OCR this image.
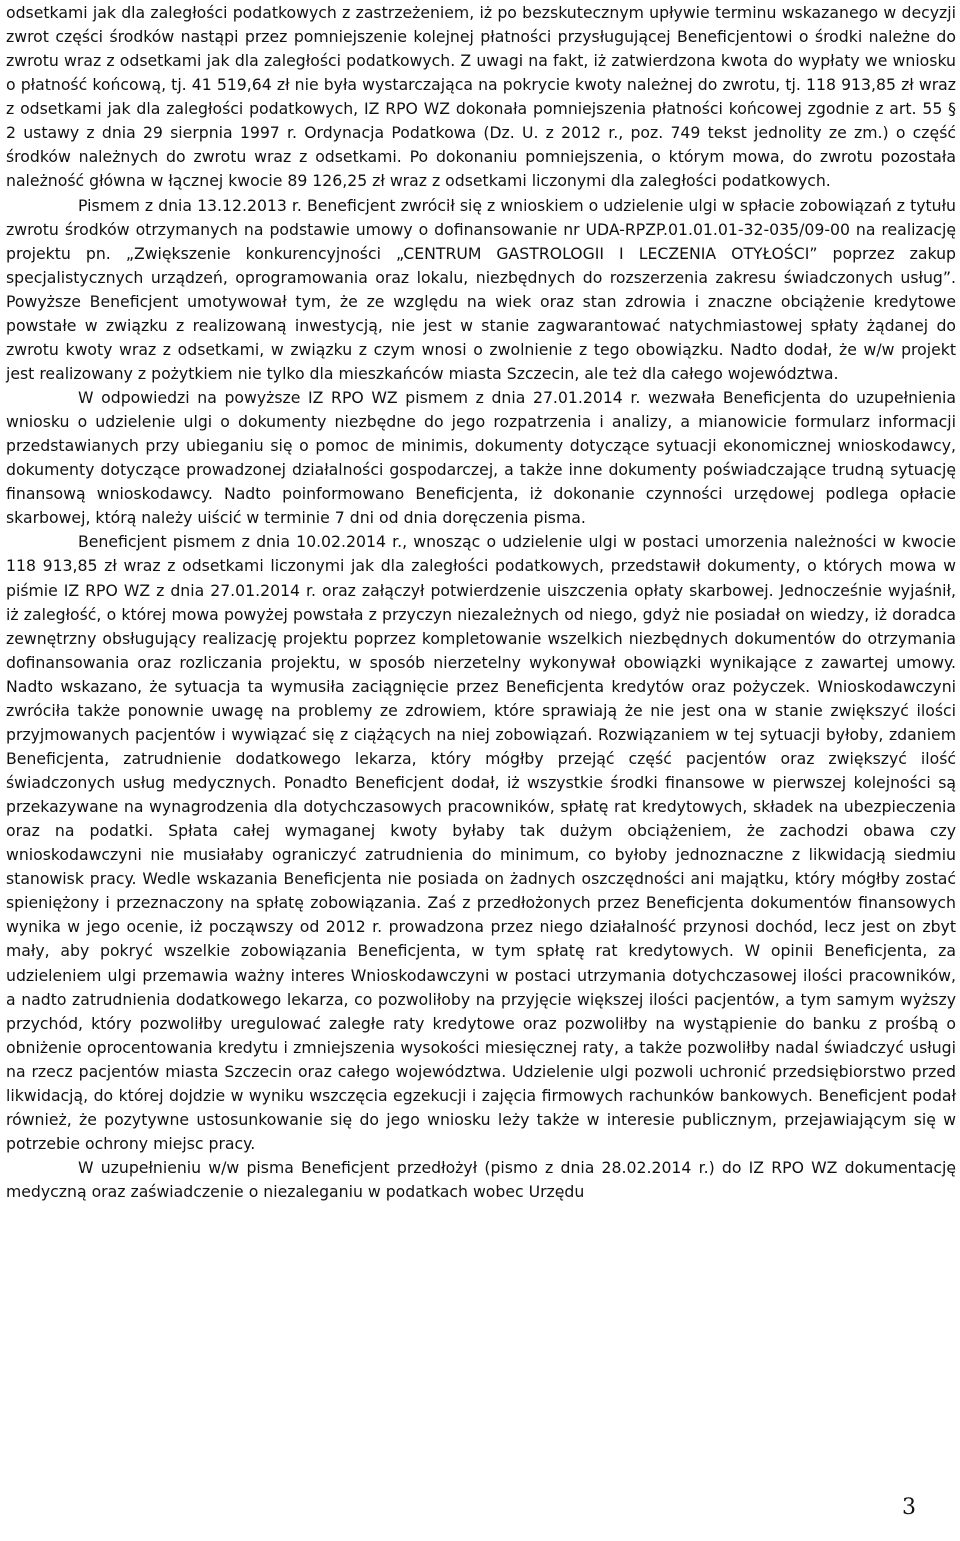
odsetkami jak dla zaległości podatkowych z zastrzeżeniem, iż po bezskutecznym upływie terminu wskazanego w decyzji zwrot części środków nastąpi przez pomniejszenie kolejnej płatności przysługującej Beneficjentowi o środki należne do zwrotu wraz z odsetkami jak dla zaległości podatkowych. Z uwagi na fakt, iż zatwierdzona kwota do wypłaty we wniosku o płatność końcową, tj. 41 519,64 zł nie była wystarczająca na pokrycie kwoty należnej do zwrotu, tj. 118 913,85 zł wraz z odsetkami jak dla zaległości podatkowych, IZ RPO WZ dokonała pomniejszenia płatności końcowej zgodnie z art. 55 § 2 ustawy z dnia 29 sierpnia 1997 r. Ordynacja Podatkowa (Dz. U. z 2012 r., poz. 749 tekst jednolity ze zm.) o część środków należnych do zwrotu wraz z odsetkami. Po dokonaniu pomniejszenia, o którym mowa, do zwrotu pozostała należność główna w łącznej kwocie 89 126,25 zł wraz z odsetkami liczonymi dla zaległości podatkowych.

Pismem z dnia 13.12.2013 r. Beneficjent zwrócił się z wnioskiem o udzielenie ulgi w spłacie zobowiązań z tytułu zwrotu środków otrzymanych na podstawie umowy o dofinansowanie nr UDA-RPZP.01.01.01-32-035/09-00 na realizację projektu pn. „Zwiększenie konkurencyjności „CENTRUM GASTROLOGII I LECZENIA OTYŁOŚCI” poprzez zakup specjalistycznych urządzeń, oprogramowania oraz lokalu, niezbędnych do rozszerzenia zakresu świadczonych usług”. Powyższe Beneficjent umotywował tym, że ze względu na wiek oraz stan zdrowia i znaczne obciążenie kredytowe powstałe w związku z realizowaną inwestycją, nie jest w stanie zagwarantować natychmiastowej spłaty żądanej do zwrotu kwoty wraz z odsetkami, w związku z czym wnosi o zwolnienie z tego obowiązku. Nadto dodał, że w/w projekt jest realizowany z pożytkiem nie tylko dla mieszkańców miasta Szczecin, ale też dla całego województwa.

W odpowiedzi na powyższe IZ RPO WZ pismem z dnia 27.01.2014 r. wezwała Beneficjenta do uzupełnienia wniosku o udzielenie ulgi o dokumenty niezbędne do jego rozpatrzenia i analizy, a mianowicie formularz informacji przedstawianych przy ubieganiu się o pomoc de minimis, dokumenty dotyczące sytuacji ekonomicznej wnioskodawcy, dokumenty dotyczące prowadzonej działalności gospodarczej, a także inne dokumenty poświadczające trudną sytuację finansową wnioskodawcy. Nadto poinformowano Beneficjenta, iż dokonanie czynności urzędowej podlega opłacie skarbowej, którą należy uiścić w terminie 7 dni od dnia doręczenia pisma.

Beneficjent pismem z dnia 10.02.2014 r., wnosząc o udzielenie ulgi w postaci umorzenia należności w kwocie 118 913,85 zł wraz z odsetkami liczonymi jak dla zaległości podatkowych, przedstawił dokumenty, o których mowa w piśmie IZ RPO WZ z dnia 27.01.2014 r. oraz załączył potwierdzenie uiszczenia opłaty skarbowej. Jednocześnie wyjaśnił, iż zaległość, o której mowa powyżej powstała z przyczyn niezależnych od niego, gdyż nie posiadał on wiedzy, iż doradca zewnętrzny obsługujący realizację projektu poprzez kompletowanie wszelkich niezbędnych dokumentów do otrzymania dofinansowania oraz rozliczania projektu, w sposób nierzetelny wykonywał obowiązki wynikające z zawartej umowy. Nadto wskazano, że sytuacja ta wymusiła zaciągnięcie przez Beneficjenta kredytów oraz pożyczek. Wnioskodawczyni zwróciła także ponownie uwagę na problemy ze zdrowiem, które sprawiają że nie jest ona w stanie zwiększyć ilości przyjmowanych pacjentów i wywiązać się z ciążących na niej zobowiązań. Rozwiązaniem w tej sytuacji byłoby, zdaniem Beneficjenta, zatrudnienie dodatkowego lekarza, który mógłby przejąć część pacjentów oraz zwiększyć ilość świadczonych usług medycznych. Ponadto Beneficjent dodał, iż wszystkie środki finansowe w pierwszej kolejności są przekazywane na wynagrodzenia dla dotychczasowych pracowników, spłatę rat kredytowych, składek na ubezpieczenia oraz na podatki. Spłata całej wymaganej kwoty byłaby tak dużym obciążeniem, że zachodzi obawa czy wnioskodawczyni nie musiałaby ograniczyć zatrudnienia do minimum, co byłoby jednoznaczne z likwidacją siedmiu stanowisk pracy. Wedle wskazania Beneficjenta nie posiada on żadnych oszczędności ani majątku, który mógłby zostać spieniężony i przeznaczony na spłatę zobowiązania. Zaś z przedłożonych przez Beneficjenta dokumentów finansowych wynika w jego ocenie, iż począwszy od 2012 r. prowadzona przez niego działalność przynosi dochód, lecz jest on zbyt mały, aby pokryć wszelkie zobowiązania Beneficjenta, w tym spłatę rat kredytowych. W opinii Beneficjenta, za udzieleniem ulgi przemawia ważny interes Wnioskodawczyni w postaci utrzymania dotychczasowej ilości pracowników, a nadto zatrudnienia dodatkowego lekarza, co pozwoliłoby na przyjęcie większej ilości pacjentów, a tym samym wyższy przychód, który pozwoliłby uregulować zaległe raty kredytowe oraz pozwoliłby na wystąpienie do banku z prośbą o obniżenie oprocentowania kredytu i zmniejszenia wysokości miesięcznej raty, a także pozwoliłby nadal świadczyć usługi na rzecz pacjentów miasta Szczecin oraz całego województwa. Udzielenie ulgi pozwoli uchronić przedsiębiorstwo przed likwidacją, do której dojdzie w wyniku wszczęcia egzekucji i zajęcia firmowych rachunków bankowych. Beneficjent podał również, że pozytywne ustosunkowanie się do jego wniosku leży także w interesie publicznym, przejawiającym się w potrzebie ochrony miejsc pracy.

W uzupełnieniu w/w pisma Beneficjent przedłożył (pismo z dnia 28.02.2014 r.) do IZ RPO WZ dokumentację medyczną oraz zaświadczenie o niezaleganiu w podatkach wobec Urzędu

3
